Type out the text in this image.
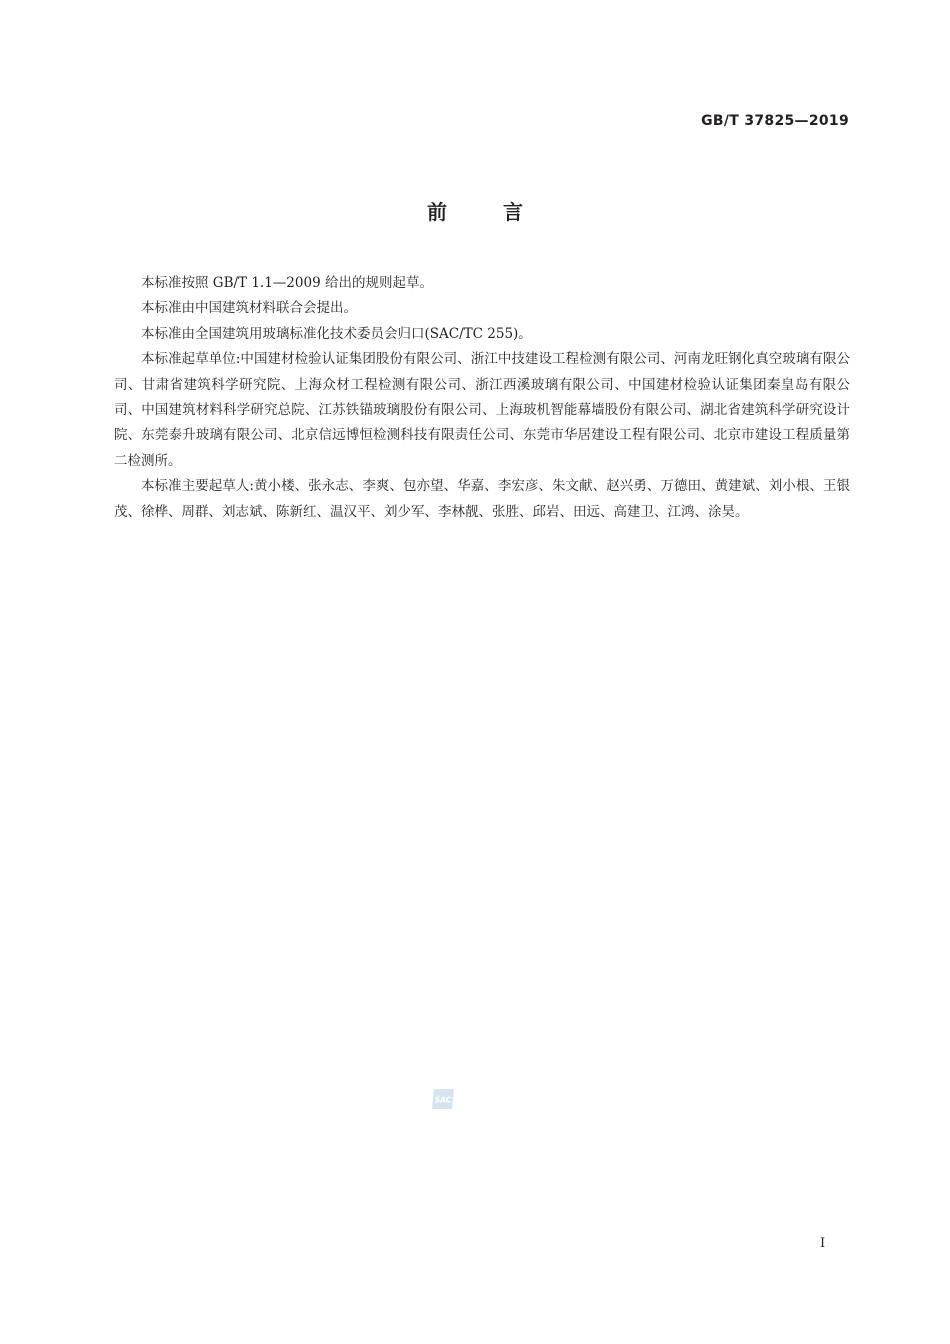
GB/T 37825—2019
前言

本标准按照 GB/T 1.1—2009 给出的规则起草。

本标准由中国建筑材料联合会提出。

本标准由全国建筑用玻璃标准化技术委员会归口(SAC/TC 255)。

本标准起草单位:中国建材检验认证集团股份有限公司、浙江中技建设工程检测有限公司、河南龙旺钢化真空玻璃有限公司、甘肃省建筑科学研究院、上海众材工程检测有限公司、浙江西溪玻璃有限公司、中国建材检验认证集团秦皇岛有限公司、中国建筑材料科学研究总院、江苏铁锚玻璃股份有限公司、上海玻机智能幕墙股份有限公司、湖北省建筑科学研究设计院、东莞泰升玻璃有限公司、北京信远博恒检测科技有限责任公司、东莞市华居建设工程有限公司、北京市建设工程质量第二检测所。

本标准主要起草人:黄小楼、张永志、李爽、包亦望、华嘉、李宏彦、朱文献、赵兴勇、万德田、黄建斌、刘小根、王银茂、徐桦、周群、刘志斌、陈新红、温汉平、刘少军、李林靓、张胜、邱岩、田远、高建卫、江鸿、涂昊。

SAC
I
